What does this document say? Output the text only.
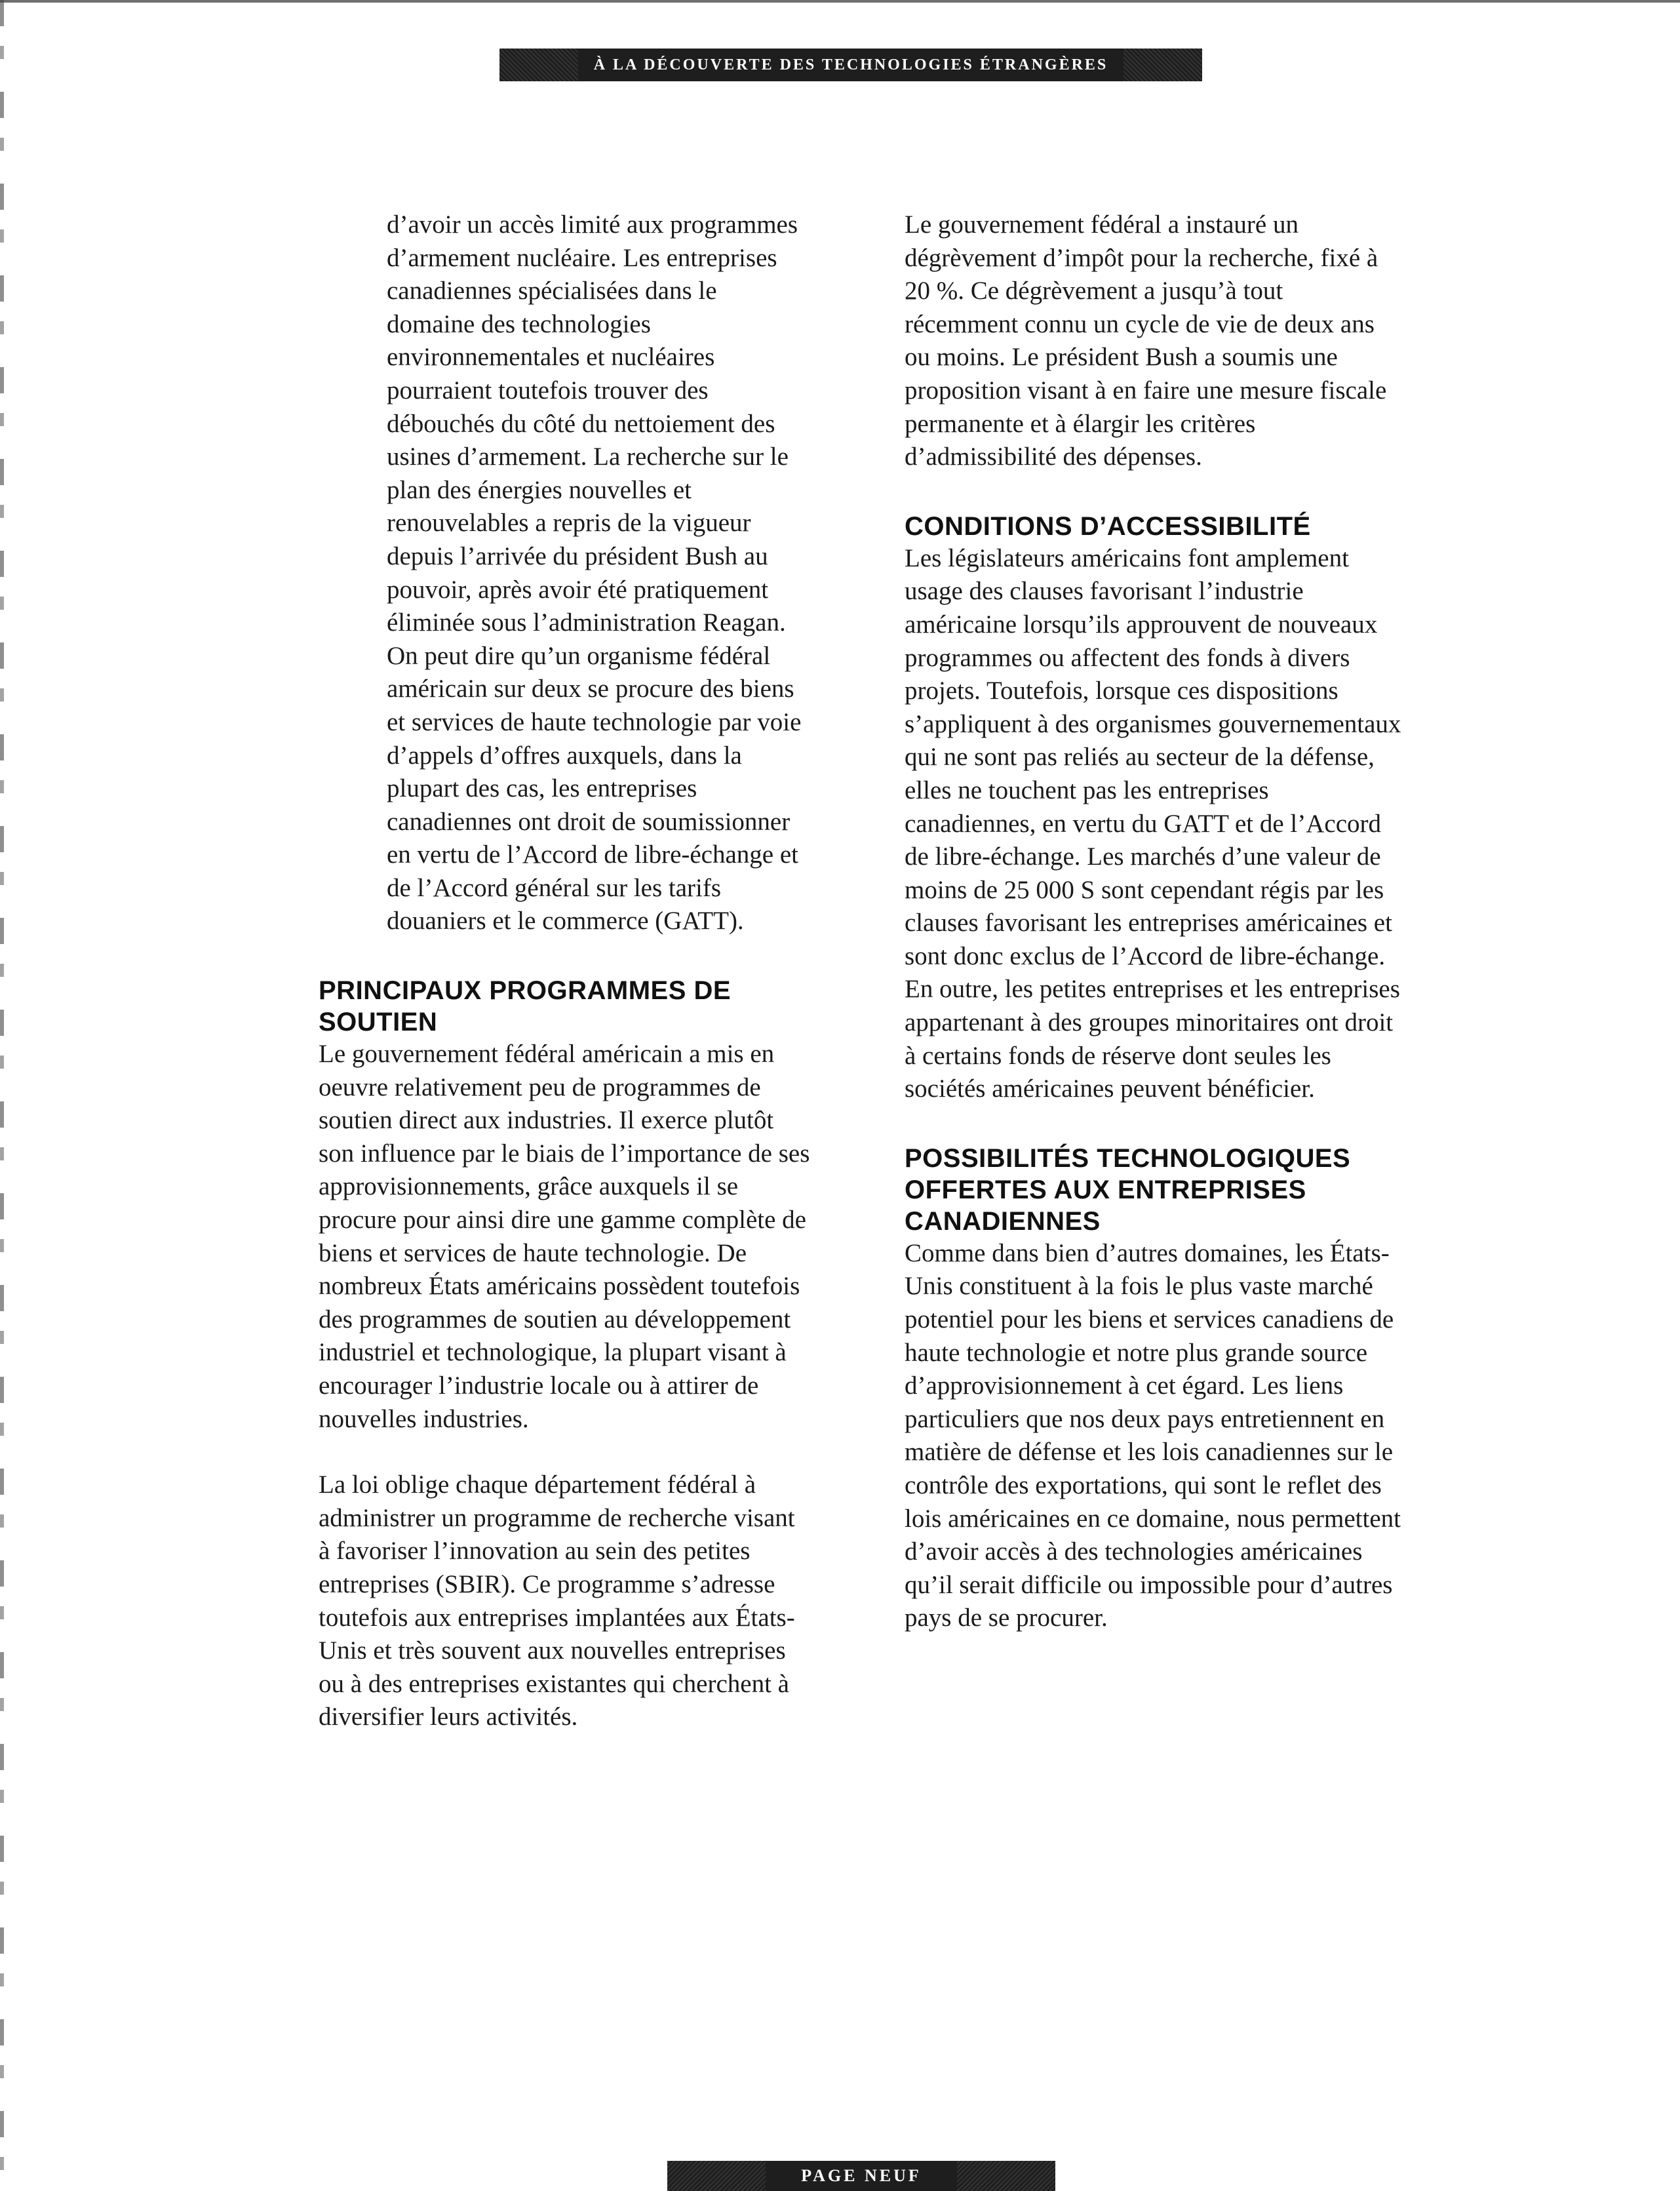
À LA DÉCOUVERTE DES TECHNOLOGIES ÉTRANGÈRES

d’avoir un accès limité aux programmes d’armement nucléaire. Les entreprises canadiennes spécialisées dans le domaine des technologies environnementales et nucléaires pourraient toutefois trouver des débouchés du côté du nettoiement des usines d’armement. La recherche sur le plan des énergies nouvelles et renouvelables a repris de la vigueur depuis l’arrivée du président Bush au pouvoir, après avoir été pratiquement éliminée sous l’administration Reagan. On peut dire qu’un organisme fédéral américain sur deux se procure des biens et services de haute technologie par voie d’appels d’offres auxquels, dans la plupart des cas, les entreprises canadiennes ont droit de soumissionner en vertu de l’Accord de libre-échange et de l’Accord général sur les tarifs douaniers et le commerce (GATT).

PRINCIPAUX PROGRAMMES DE SOUTIEN

Le gouvernement fédéral américain a mis en oeuvre relativement peu de programmes de soutien direct aux industries. Il exerce plutôt son influence par le biais de l’importance de ses approvisionnements, grâce auxquels il se procure pour ainsi dire une gamme complète de biens et services de haute technologie. De nombreux États américains possèdent toutefois des programmes de soutien au développement industriel et technologique, la plupart visant à encourager l’industrie locale ou à attirer de nouvelles industries.

La loi oblige chaque département fédéral à administrer un programme de recherche visant à favoriser l’innovation au sein des petites entreprises (SBIR). Ce programme s’adresse toutefois aux entreprises implantées aux États-Unis et très souvent aux nouvelles entreprises ou à des entreprises existantes qui cherchent à diversifier leurs activités.

Le gouvernement fédéral a instauré un dégrèvement d’impôt pour la recherche, fixé à 20 %. Ce dégrèvement a jusqu’à tout récemment connu un cycle de vie de deux ans ou moins. Le président Bush a soumis une proposition visant à en faire une mesure fiscale permanente et à élargir les critères d’admissibilité des dépenses.

CONDITIONS D’ACCESSIBILITÉ

Les législateurs américains font amplement usage des clauses favorisant l’industrie américaine lorsqu’ils approuvent de nouveaux programmes ou affectent des fonds à divers projets. Toutefois, lorsque ces dispositions s’appliquent à des organismes gouvernementaux qui ne sont pas reliés au secteur de la défense, elles ne touchent pas les entreprises canadiennes, en vertu du GATT et de l’Accord de libre-échange. Les marchés d’une valeur de moins de 25 000 S sont cependant régis par les clauses favorisant les entreprises américaines et sont donc exclus de l’Accord de libre-échange. En outre, les petites entreprises et les entreprises appartenant à des groupes minoritaires ont droit à certains fonds de réserve dont seules les sociétés américaines peuvent bénéficier.

POSSIBILITÉS TECHNOLOGIQUES OFFERTES AUX ENTREPRISES CANADIENNES

Comme dans bien d’autres domaines, les États-Unis constituent à la fois le plus vaste marché potentiel pour les biens et services canadiens de haute technologie et notre plus grande source d’approvisionnement à cet égard. Les liens particuliers que nos deux pays entretiennent en matière de défense et les lois canadiennes sur le contrôle des exportations, qui sont le reflet des lois américaines en ce domaine, nous permettent d’avoir accès à des technologies américaines qu’il serait difficile ou impossible pour d’autres pays de se procurer.

PAGE NEUF
